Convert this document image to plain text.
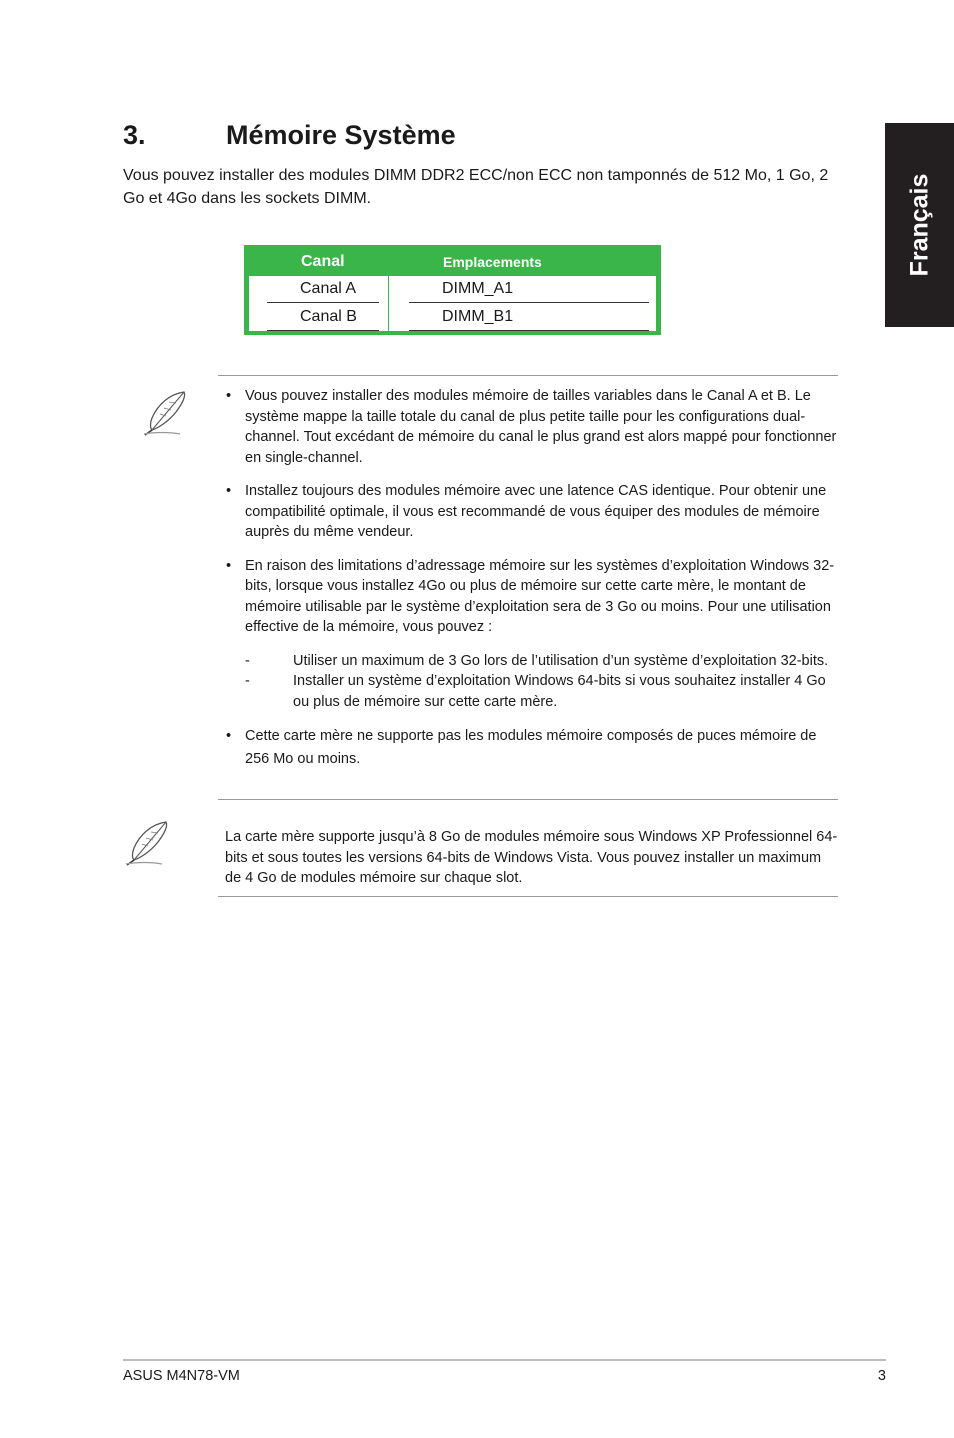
Français
3.	Mémoire Système

Vous pouvez installer des modules DIMM DDR2 ECC/non ECC non tamponnés de 512 Mo, 1 Go, 2 Go et 4Go dans les sockets DIMM.

Canal	Emplacements
Canal A	DIMM_A1
Canal B	DIMM_B1
• Vous pouvez installer des modules mémoire de tailles variables dans le Canal A et B. Le système mappe la taille totale du canal de plus petite taille pour les configurations dual-channel. Tout excédant de mémoire du canal le plus grand est alors mappé pour fonctionner en single-channel.
• Installez toujours des modules mémoire avec une latence CAS identique. Pour obtenir une compatibilité optimale, il vous est recommandé de vous équiper des modules de mémoire auprès du même vendeur.
• En raison des limitations d’adressage mémoire sur les systèmes d’exploitation Windows 32-bits, lorsque vous installez 4Go ou plus de mémoire sur cette carte mère, le montant de mémoire utilisable par le système d’exploitation sera de 3 Go ou moins. Pour une utilisation effective de la mémoire, vous pouvez :
-	Utiliser un maximum de 3 Go lors de l’utilisation d’un système d’exploitation 32-bits.
-	Installer un système d’exploitation Windows 64-bits si vous souhaitez installer 4 Go ou plus de mémoire sur cette carte mère.
• Cette carte mère ne supporte pas les modules mémoire composés de puces mémoire de 256 Mo ou moins.

La carte mère supporte jusqu’à 8 Go de modules mémoire sous Windows XP Professionnel 64-bits et sous toutes les versions 64-bits de Windows Vista. Vous pouvez installer un maximum de 4 Go de modules mémoire sur chaque slot.

ASUS M4N78-VM	3
